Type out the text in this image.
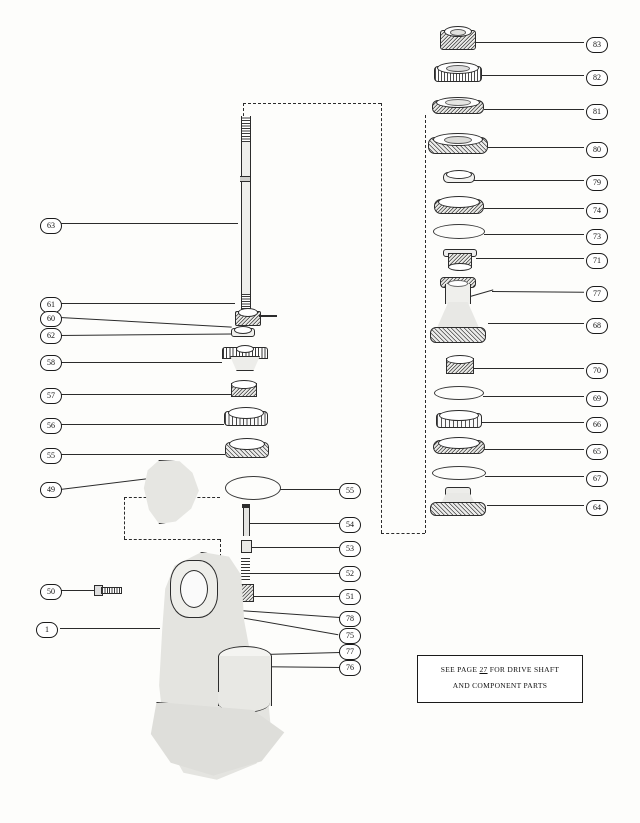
83
82
81
80
79
74
73
71
77
68
70
69
66
65
67
64
63
61
60
62
58
57
56
55
49
50
1
55
54
53
52
51
78
75
77
76	SEE PAGE 27 FOR DRIVE SHAFT
AND COMPONENT PARTS
